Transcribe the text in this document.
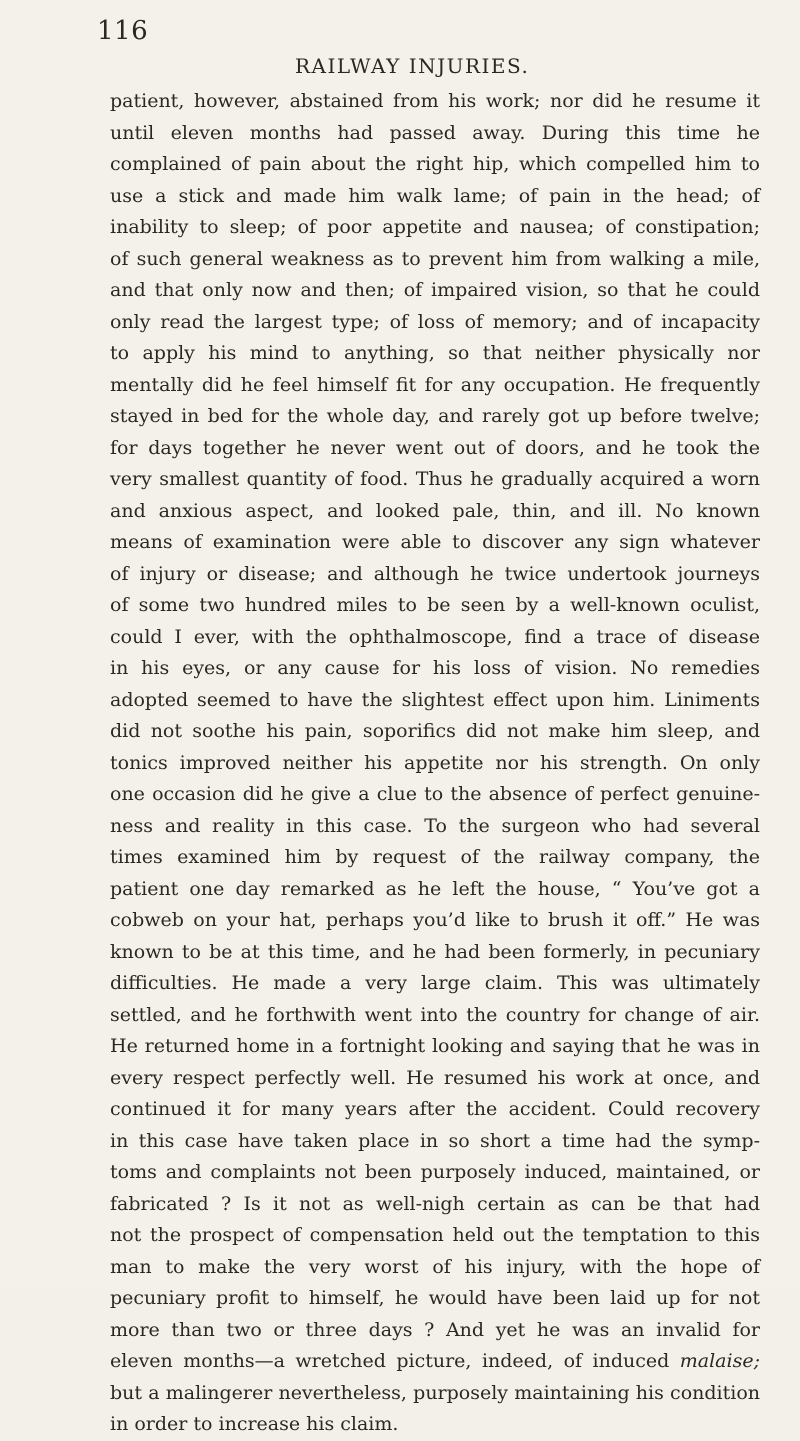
116
RAILWAY INJURIES.
patient, however, abstained from his work; nor did he resume it
until eleven months had passed away. During this time he
complained of pain about the right hip, which compelled him to
use a stick and made him walk lame; of pain in the head; of
inability to sleep; of poor appetite and nausea; of constipation;
of such general weakness as to prevent him from walking a mile,
and that only now and then; of impaired vision, so that he could
only read the largest type; of loss of memory; and of incapacity
to apply his mind to anything, so that neither physically nor
mentally did he feel himself fit for any occupation. He frequently
stayed in bed for the whole day, and rarely got up before twelve;
for days together he never went out of doors, and he took the
very smallest quantity of food. Thus he gradually acquired a worn
and anxious aspect, and looked pale, thin, and ill. No known
means of examination were able to discover any sign whatever
of injury or disease; and although he twice undertook journeys
of some two hundred miles to be seen by a well-known oculist,
could I ever, with the ophthalmoscope, find a trace of disease
in his eyes, or any cause for his loss of vision. No remedies
adopted seemed to have the slightest effect upon him. Liniments
did not soothe his pain, soporifics did not make him sleep, and
tonics improved neither his appetite nor his strength. On only
one occasion did he give a clue to the absence of perfect genuine-
ness and reality in this case. To the surgeon who had several
times examined him by request of the railway company, the
patient one day remarked as he left the house, “ You’ve got a
cobweb on your hat, perhaps you’d like to brush it off.” He was
known to be at this time, and he had been formerly, in pecuniary
difficulties. He made a very large claim. This was ultimately
settled, and he forthwith went into the country for change of air.
He returned home in a fortnight looking and saying that he was in
every respect perfectly well. He resumed his work at once, and
continued it for many years after the accident. Could recovery
in this case have taken place in so short a time had the symp-
toms and complaints not been purposely induced, maintained, or
fabricated ? Is it not as well-nigh certain as can be that had
not the prospect of compensation held out the temptation to this
man to make the very worst of his injury, with the hope of
pecuniary profit to himself, he would have been laid up for not
more than two or three days ? And yet he was an invalid for
eleven months—a wretched picture, indeed, of induced malaise;
but a malingerer nevertheless, purposely maintaining his condition
in order to increase his claim.
